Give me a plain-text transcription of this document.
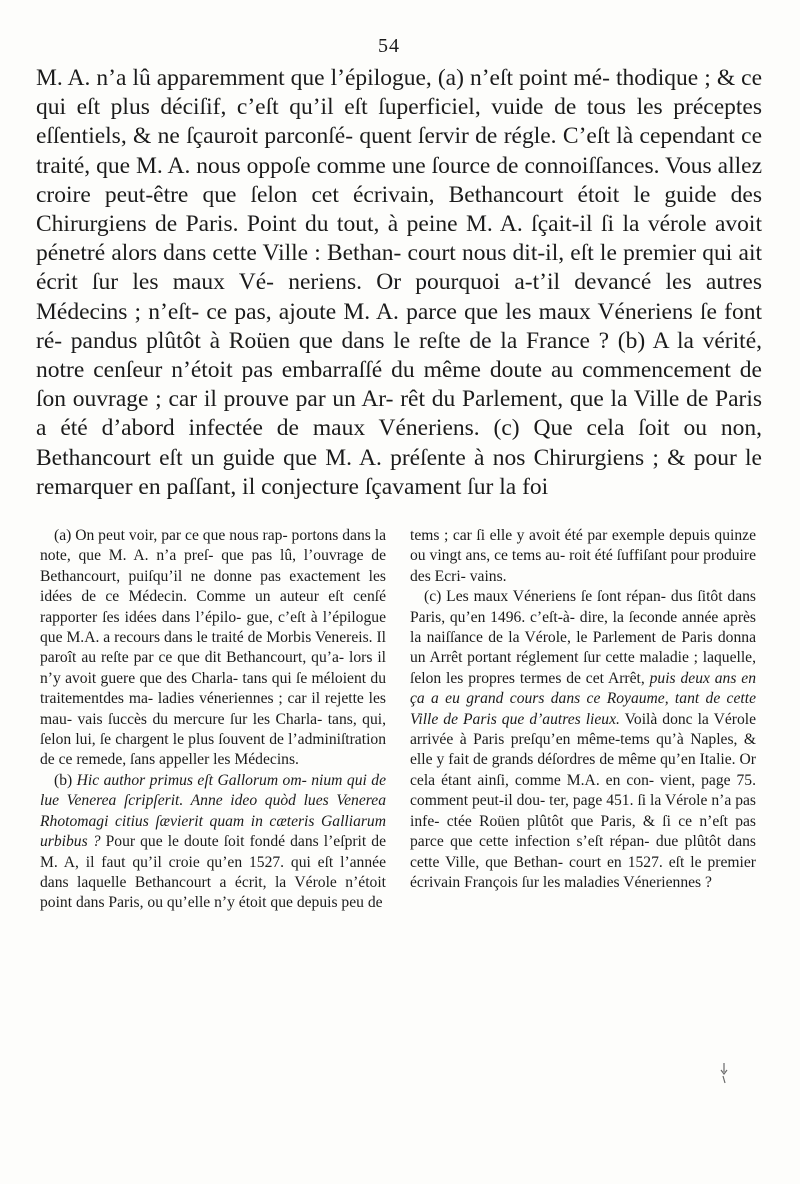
54

M. A. n’a lû apparemment que l’épilogue, (a) n’eſt point mé- thodique ; & ce qui eſt plus déciſif, c’eſt qu’il eſt ſuperficiel, vuide de tous les préceptes eſſentiels, & ne ſçauroit parconſé- quent ſervir de régle. C’eſt là cependant ce traité, que M. A. nous oppoſe comme une ſource de connoiſſances. Vous allez croire peut-être que ſelon cet écrivain, Bethancourt étoit le guide des Chirurgiens de Paris. Point du tout, à peine M. A. ſçait-il ſi la vérole avoit pénetré alors dans cette Ville : Bethan- court nous dit-il, eſt le premier qui ait écrit ſur les maux Vé- neriens. Or pourquoi a-t’il devancé les autres Médecins ; n’eſt- ce pas, ajoute M. A. parce que les maux Véneriens ſe font ré- pandus plûtôt à Roüen que dans le reſte de la France ? (b) A la vérité, notre cenſeur n’étoit pas embarraſſé du même doute au commencement de ſon ouvrage ; car il prouve par un Ar- rêt du Parlement, que la Ville de Paris a été d’abord infectée de maux Véneriens. (c) Que cela ſoit ou non, Bethancourt eſt un guide que M. A. préſente à nos Chirurgiens ; & pour le remarquer en paſſant, il conjecture ſçavament ſur la foi

(a) On peut voir, par ce que nous rap- portons dans la note, que M. A. n’a preſ- que pas lû, l’ouvrage de Bethancourt, puiſqu’il ne donne pas exactement les idées de ce Médecin. Comme un auteur eſt cenſé rapporter ſes idées dans l’épilo- gue, c’eſt à l’épilogue que M.A. a recours dans le traité de Morbis Venereis. Il paroît au reſte par ce que dit Bethancourt, qu’a- lors il n’y avoit guere que des Charla- tans qui ſe méloient du traitementdes ma- ladies véneriennes ; car il rejette les mau- vais ſuccès du mercure ſur les Charla- tans, qui, ſelon lui, ſe chargent le plus ſouvent de l’adminiſtration de ce remede, ſans appeller les Médecins.

(b) Hic author primus eſt Gallorum om- nium qui de lue Venerea ſcripſerit. Anne ideo quòd lues Venerea Rhotomagi citius ſævierit quam in cæteris Galliarum urbibus ? Pour que le doute ſoit fondé dans l’eſprit de M. A, il faut qu’il croie qu’en 1527. qui eſt l’année dans laquelle Bethancourt a écrit, la Vérole n’étoit point dans Paris, ou qu’elle n’y étoit que depuis peu de

tems ; car ſi elle y avoit été par exemple depuis quinze ou vingt ans, ce tems au- roit été ſuffiſant pour produire des Ecri- vains.

(c) Les maux Véneriens ſe ſont répan- dus ſitôt dans Paris, qu’en 1496. c’eſt-à- dire, la ſeconde année après la naiſſance de la Vérole, le Parlement de Paris donna un Arrêt portant réglement ſur cette maladie ; laquelle, ſelon les propres termes de cet Arrêt, puis deux ans en ça a eu grand cours dans ce Royaume, tant de cette Ville de Paris que d’autres lieux. Voilà donc la Vérole arrivée à Paris preſqu’en même-tems qu’à Naples, & elle y fait de grands déſordres de même qu’en Italie. Or cela étant ainſi, comme M.A. en con- vient, page 75. comment peut-il dou- ter, page 451. ſi la Vérole n’a pas infe- ctée Roüen plûtôt que Paris, & ſi ce n’eſt pas parce que cette infection s’eſt répan- due plûtôt dans cette Ville, que Bethan- court en 1527. eſt le premier écrivain François ſur les maladies Véneriennes ?
